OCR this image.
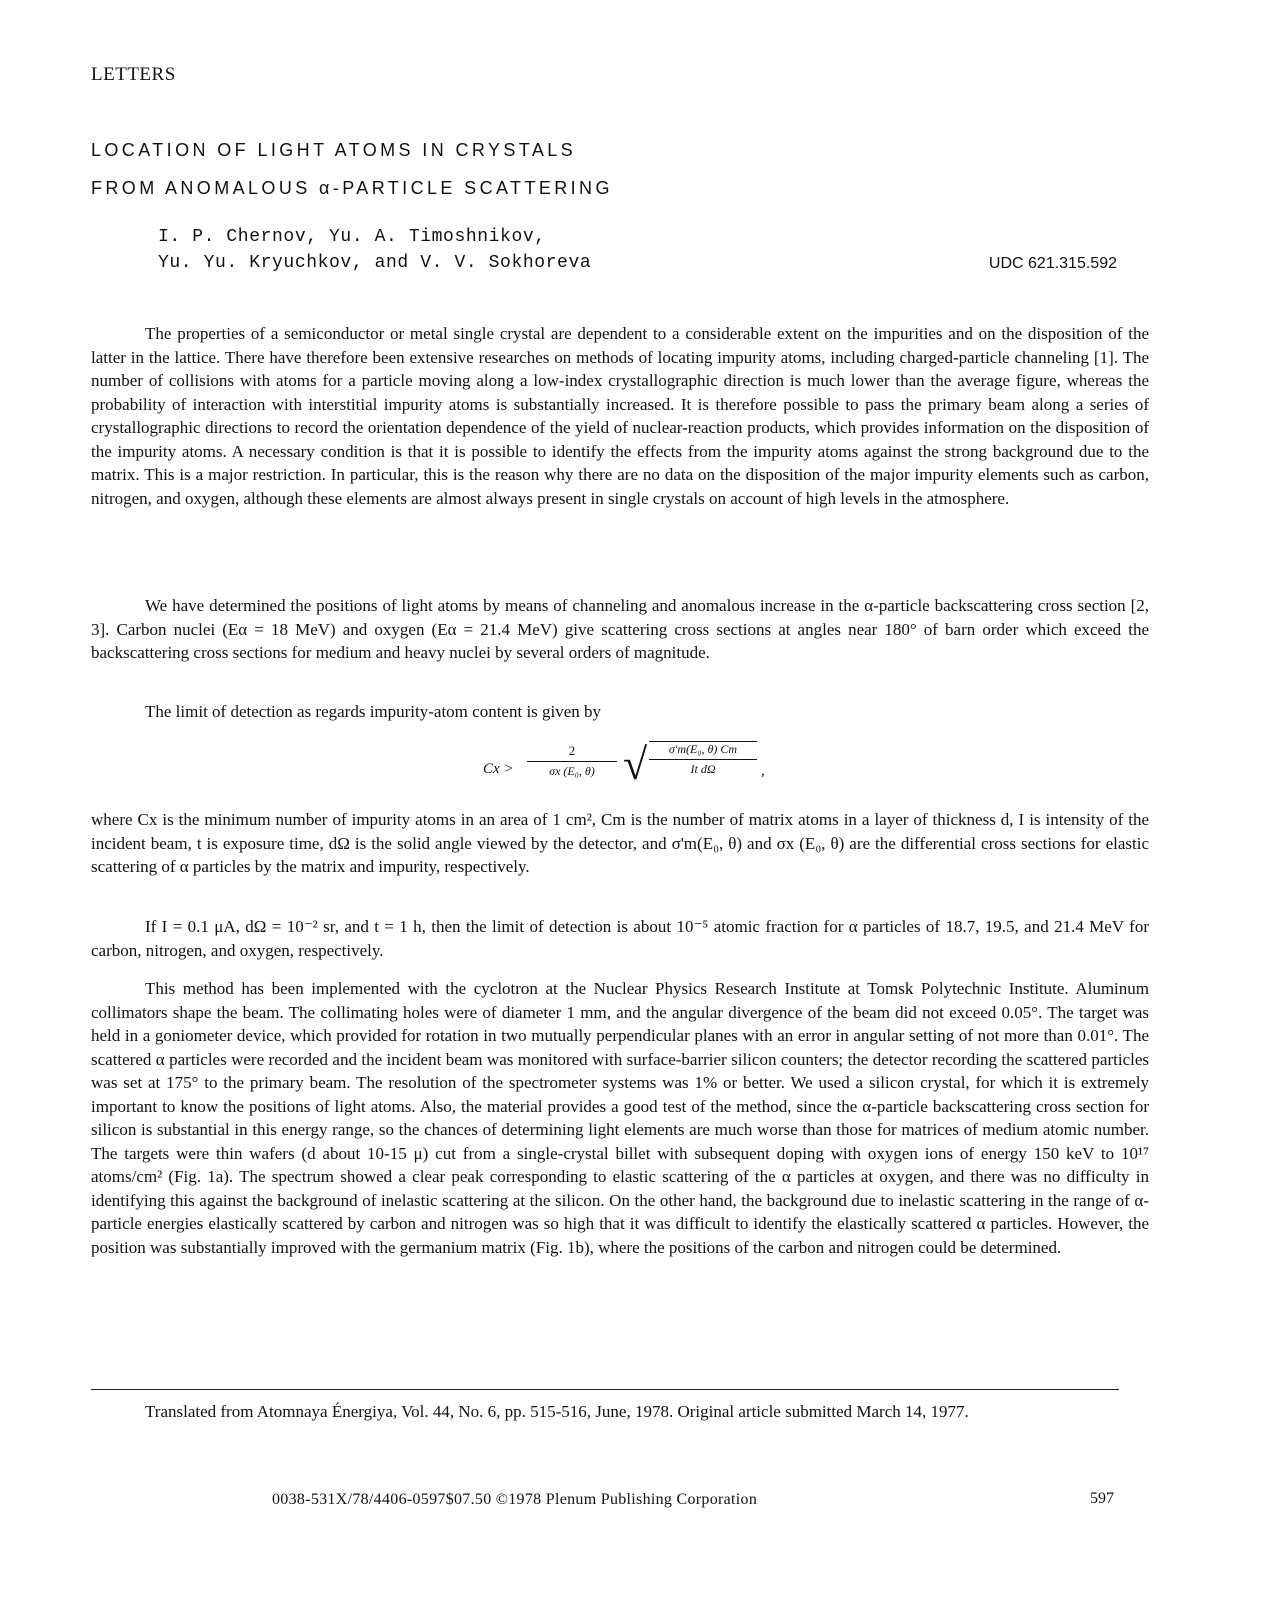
LETTERS
LOCATION OF LIGHT ATOMS IN CRYSTALS
FROM ANOMALOUS α-PARTICLE SCATTERING
I. P. Chernov, Yu. A. Timoshnikov,
Yu. Yu. Kryuchkov, and V. V. Sokhoreva	UDC 621.315.592

The properties of a semiconductor or metal single crystal are dependent to a considerable extent on the impurities and on the disposition of the latter in the lattice. There have therefore been extensive researches on methods of locating impurity atoms, including charged-particle channeling [1]. The number of collisions with atoms for a particle moving along a low-index crystallographic direction is much lower than the average figure, whereas the probability of interaction with interstitial impurity atoms is substantially increased. It is therefore possible to pass the primary beam along a series of crystallographic directions to record the orientation dependence of the yield of nuclear-reaction products, which provides information on the disposition of the impurity atoms. A necessary condition is that it is possible to identify the effects from the impurity atoms against the strong background due to the matrix. This is a major restriction. In particular, this is the reason why there are no data on the disposition of the major impurity elements such as carbon, nitrogen, and oxygen, although these elements are almost always present in single crystals on account of high levels in the atmosphere.

We have determined the positions of light atoms by means of channeling and anomalous increase in the α-particle backscattering cross section [2, 3]. Carbon nuclei (Eα = 18 MeV) and oxygen (Eα = 21.4 MeV) give scattering cross sections at angles near 180° of barn order which exceed the backscattering cross sections for medium and heavy nuclei by several orders of magnitude.

The limit of detection as regards impurity-atom content is given by

Cx >
2
σx (E₀, θ) √	σ'm(E₀, θ) Cm
It dΩ	,

where Cx is the minimum number of impurity atoms in an area of 1 cm², Cm is the number of matrix atoms in a layer of thickness d, I is intensity of the incident beam, t is exposure time, dΩ is the solid angle viewed by the detector, and σ'm(E₀, θ) and σx (E₀, θ) are the differential cross sections for elastic scattering of α particles by the matrix and impurity, respectively.

If I = 0.1 μA, dΩ = 10⁻² sr, and t = 1 h, then the limit of detection is about 10⁻⁵ atomic fraction for α particles of 18.7, 19.5, and 21.4 MeV for carbon, nitrogen, and oxygen, respectively.

This method has been implemented with the cyclotron at the Nuclear Physics Research Institute at Tomsk Polytechnic Institute. Aluminum collimators shape the beam. The collimating holes were of diameter 1 mm, and the angular divergence of the beam did not exceed 0.05°. The target was held in a goniometer device, which provided for rotation in two mutually perpendicular planes with an error in angular setting of not more than 0.01°. The scattered α particles were recorded and the incident beam was monitored with surface-barrier silicon counters; the detector recording the scattered particles was set at 175° to the primary beam. The resolution of the spectrometer systems was 1% or better. We used a silicon crystal, for which it is extremely important to know the positions of light atoms. Also, the material provides a good test of the method, since the α-particle backscattering cross section for silicon is substantial in this energy range, so the chances of determining light elements are much worse than those for matrices of medium atomic number. The targets were thin wafers (d about 10-15 μ) cut from a single-crystal billet with subsequent doping with oxygen ions of energy 150 keV to 10¹⁷ atoms/cm² (Fig. 1a). The spectrum showed a clear peak corresponding to elastic scattering of the α particles at oxygen, and there was no difficulty in identifying this against the background of inelastic scattering at the silicon. On the other hand, the background due to inelastic scattering in the range of α-particle energies elastically scattered by carbon and nitrogen was so high that it was difficult to identify the elastically scattered α particles. However, the position was substantially improved with the germanium matrix (Fig. 1b), where the positions of the carbon and nitrogen could be determined.

Translated from Atomnaya Énergiya, Vol. 44, No. 6, pp. 515-516, June, 1978. Original article submitted March 14, 1977.

0038-531X/78/4406-0597$07.50 ©1978 Plenum Publishing Corporation	597
